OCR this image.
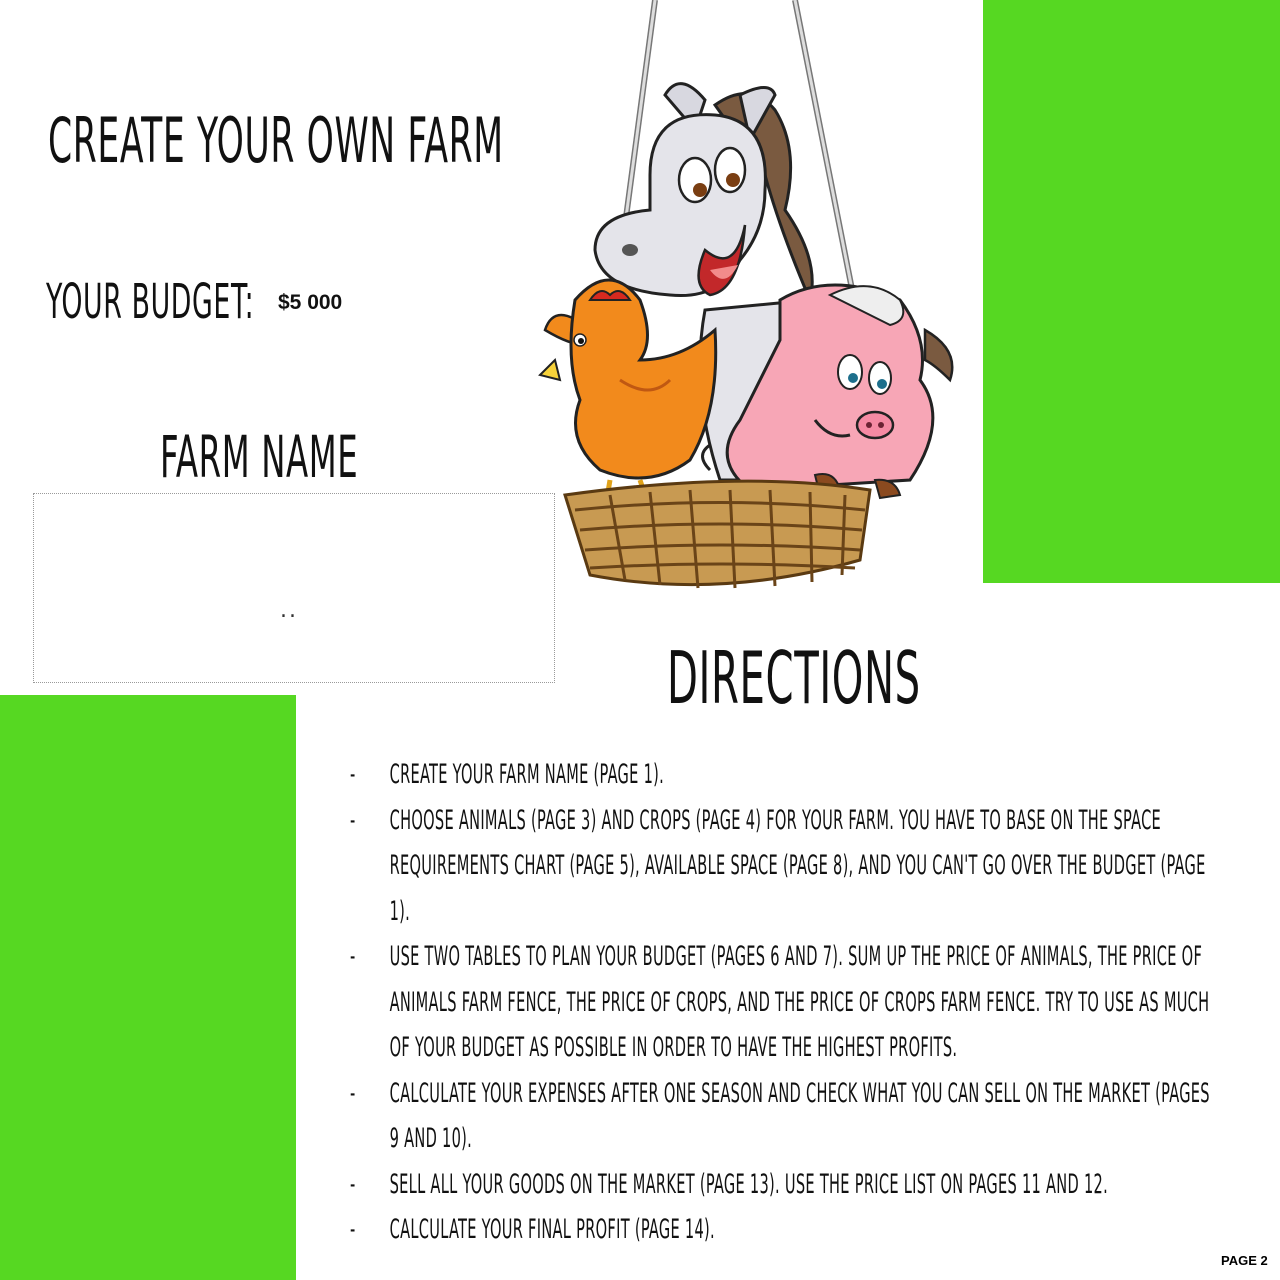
CREATE YOUR OWN FARM
YOUR BUDGET: $5 000
FARM NAME
..
DIRECTIONS
- CREATE YOUR FARM NAME (PAGE 1).
- CHOOSE ANIMALS (PAGE 3) AND CROPS (PAGE 4) FOR YOUR FARM. YOU HAVE TO BASE ON THE SPACE REQUIREMENTS CHART (PAGE 5), AVAILABLE SPACE (PAGE 8), AND YOU CAN'T GO OVER THE BUDGET (PAGE 1).
- USE TWO TABLES TO PLAN YOUR BUDGET (PAGES 6 AND 7). SUM UP THE PRICE OF ANIMALS, THE PRICE OF ANIMALS FARM FENCE, THE PRICE OF CROPS, AND THE PRICE OF CROPS FARM FENCE. TRY TO USE AS MUCH OF YOUR BUDGET AS POSSIBLE IN ORDER TO HAVE THE HIGHEST PROFITS.
- CALCULATE YOUR EXPENSES AFTER ONE SEASON AND CHECK WHAT YOU CAN SELL ON THE MARKET (PAGES 9 AND 10).
- SELL ALL YOUR GOODS ON THE MARKET (PAGE 13). USE THE PRICE LIST ON PAGES 11 AND 12.
- CALCULATE YOUR FINAL PROFIT (PAGE 14).
PAGE 2
